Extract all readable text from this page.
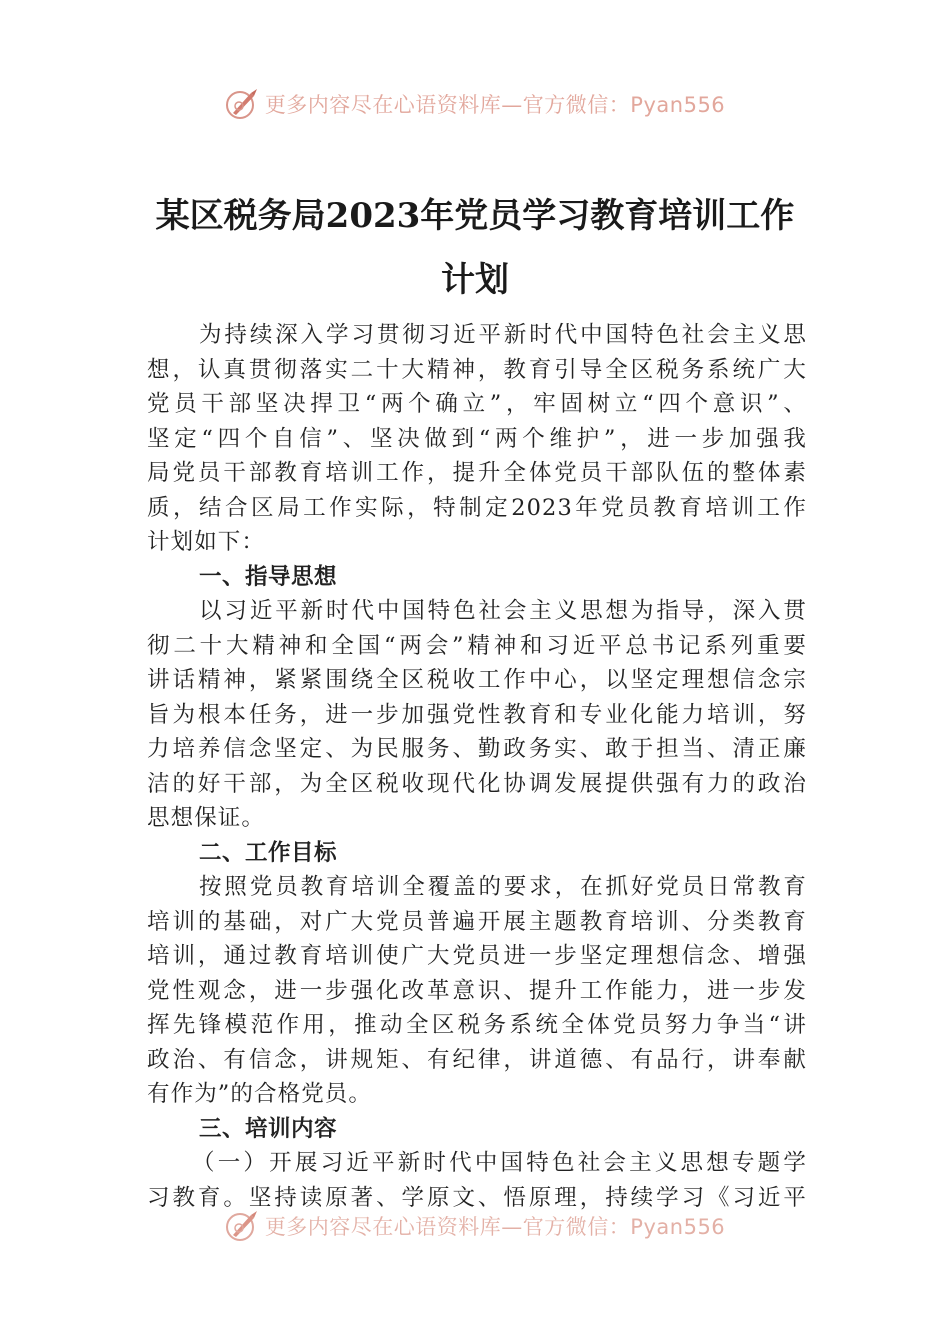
更多内容尽在心语资料库—官方微信：Pyan556
某区税务局2023年党员学习教育培训工作
计划
为持续深入学习贯彻习近平新时代中国特色社会主义思
想，认真贯彻落实二十大精神，教育引导全区税务系统广大
党员干部坚决捍卫“两个确立”，牢固树立“四个意识”、
坚定“四个自信”、坚决做到“两个维护”，进一步加强我
局党员干部教育培训工作，提升全体党员干部队伍的整体素
质，结合区局工作实际，特制定2023年党员教育培训工作
计划如下：
一、指导思想
以习近平新时代中国特色社会主义思想为指导，深入贯
彻二十大精神和全国“两会”精神和习近平总书记系列重要
讲话精神，紧紧围绕全区税收工作中心，以坚定理想信念宗
旨为根本任务，进一步加强党性教育和专业化能力培训，努
力培养信念坚定、为民服务、勤政务实、敢于担当、清正廉
洁的好干部，为全区税收现代化协调发展提供强有力的政治
思想保证。
二、工作目标
按照党员教育培训全覆盖的要求，在抓好党员日常教育
培训的基础，对广大党员普遍开展主题教育培训、分类教育
培训，通过教育培训使广大党员进一步坚定理想信念、增强
党性观念，进一步强化改革意识、提升工作能力，进一步发
挥先锋模范作用，推动全区税务系统全体党员努力争当“讲
政治、有信念，讲规矩、有纪律，讲道德、有品行，讲奉献
有作为”的合格党员。
三、培训内容
（一）开展习近平新时代中国特色社会主义思想专题学
习教育。坚持读原著、学原文、悟原理，持续学习《习近平
更多内容尽在心语资料库—官方微信：Pyan556
